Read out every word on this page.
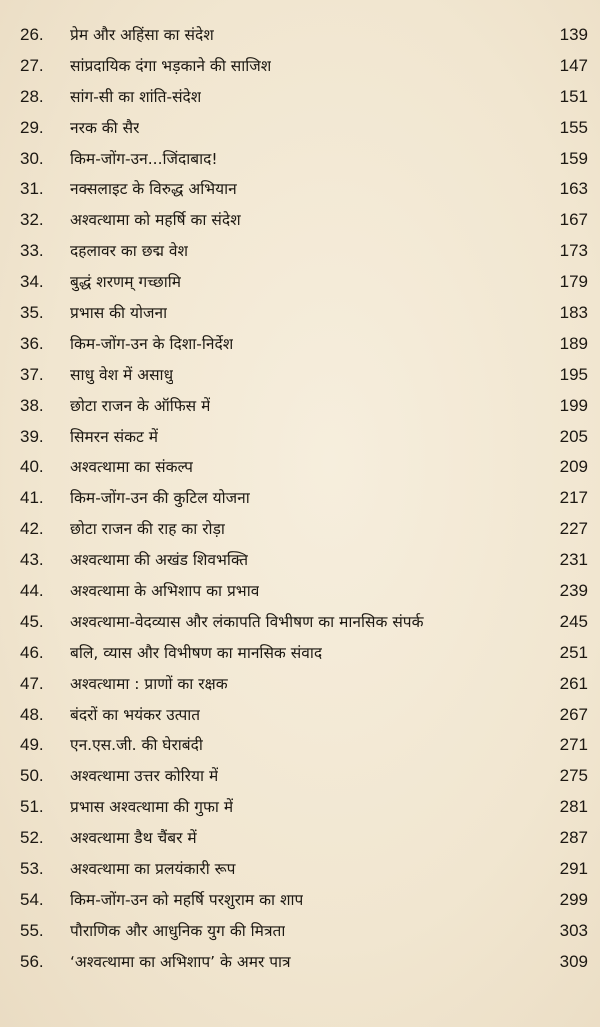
26.	प्रेम और अहिंसा का संदेश	139
27.	सांप्रदायिक दंगा भड़काने की साजिश	147
28.	सांग-सी का शांति-संदेश	151
29.	नरक की सैर	155
30.	किम-जोंग-उन...जिंदाबाद!	159
31.	नक्सलाइट के विरुद्ध अभियान	163
32.	अश्वत्थामा को महर्षि का संदेश	167
33.	दहलावर का छद्म वेश	173
34.	बुद्धं शरणम् गच्छामि	179
35.	प्रभास की योजना	183
36.	किम-जोंग-उन के दिशा-निर्देश	189
37.	साधु वेश में असाधु	195
38.	छोटा राजन के ऑफिस में	199
39.	सिमरन संकट में	205
40.	अश्वत्थामा का संकल्प	209
41.	किम-जोंग-उन की कुटिल योजना	217
42.	छोटा राजन की राह का रोड़ा	227
43.	अश्वत्थामा की अखंड शिवभक्ति	231
44.	अश्वत्थामा के अभिशाप का प्रभाव	239
45.	अश्वत्थामा-वेदव्यास और लंकापति विभीषण का मानसिक संपर्क	245
46.	बलि, व्यास और विभीषण का मानसिक संवाद	251
47.	अश्वत्थामा : प्राणों का रक्षक	261
48.	बंदरों का भयंकर उत्पात	267
49.	एन.एस.जी. की घेराबंदी	271
50.	अश्वत्थामा उत्तर कोरिया में	275
51.	प्रभास अश्वत्थामा की गुफा में	281
52.	अश्वत्थामा डैथ चैंबर में	287
53.	अश्वत्थामा का प्रलयंकारी रूप	291
54.	किम-जोंग-उन को महर्षि परशुराम का शाप	299
55.	पौराणिक और आधुनिक युग की मित्रता	303
56.	‘अश्वत्थामा का अभिशाप’ के अमर पात्र	309
